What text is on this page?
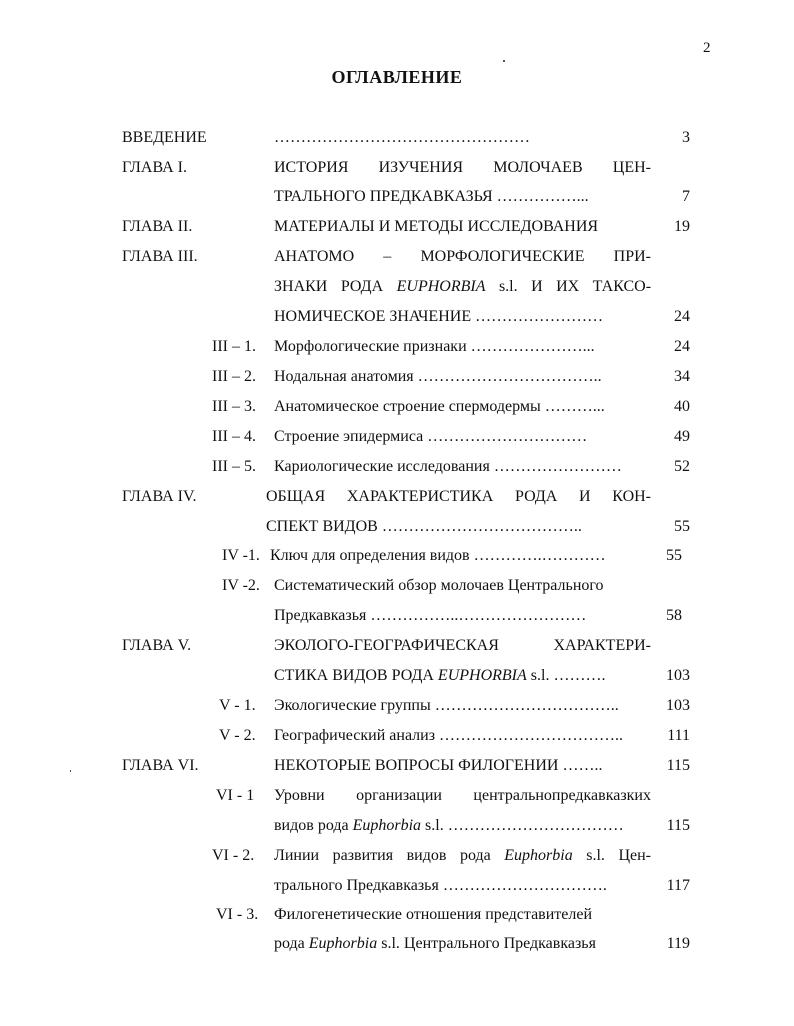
2
ОГЛАВЛЕНИЕ
ВВЕДЕНИЕ	…………………………………………	3
ГЛАВА I.	ИСТОРИЯ ИЗУЧЕНИЯ МОЛОЧАЕВ ЦЕН-
ТРАЛЬНОГО ПРЕДКАВКАЗЬЯ ……………...	7
ГЛАВА II.	МАТЕРИАЛЫ И МЕТОДЫ ИССЛЕДОВАНИЯ	19
ГЛАВА III.	АНАТОМО – МОРФОЛОГИЧЕСКИЕ ПРИ-
ЗНАКИ РОДА EUPHORBIA s.l. И ИХ ТАКСО-
НОМИЧЕСКОЕ ЗНАЧЕНИЕ ……………………	24
III – 1. Морфологические признаки …………………...	24
III – 2. Нодальная анатомия ……………………………..	34
III – 3. Анатомическое строение спермодермы ………...	40
III – 4. Строение эпидермиса …………………………	49
III – 5. Кариологические исследования ……………………	52
ГЛАВА IV.	ОБЩАЯ ХАРАКТЕРИСТИКА РОДА И КОН-
СПЕКТ ВИДОВ ………………………………..	55
IV -1. Ключ для определения видов ………….…………	55
IV -2. Систематический обзор молочаев Центрального
Предкавказья ……………..……………………	58
ГЛАВА V.	ЭКОЛОГО-ГЕОГРАФИЧЕСКАЯ ХАРАКТЕРИ-
СТИКА ВИДОВ РОДА EUPHORBIA s.l. ……….	103
V - 1. Экологические группы ……………………………..	103
V - 2. Географический анализ ……………………………..	111
ГЛАВА VI.	НЕКОТОРЫЕ ВОПРОСЫ ФИЛОГЕНИИ ……..	115
VI - 1 Уровни организации центральнопредкавказких
видов рода Euphorbia s.l. ……………………………	115
VI - 2. Линии развития видов рода Euphorbia s.l. Цен-
трального Предкавказья ………………………….	117
VI - 3. Филогенетические отношения представителей
рода Euphorbia s.l. Центрального Предкавказья	119
